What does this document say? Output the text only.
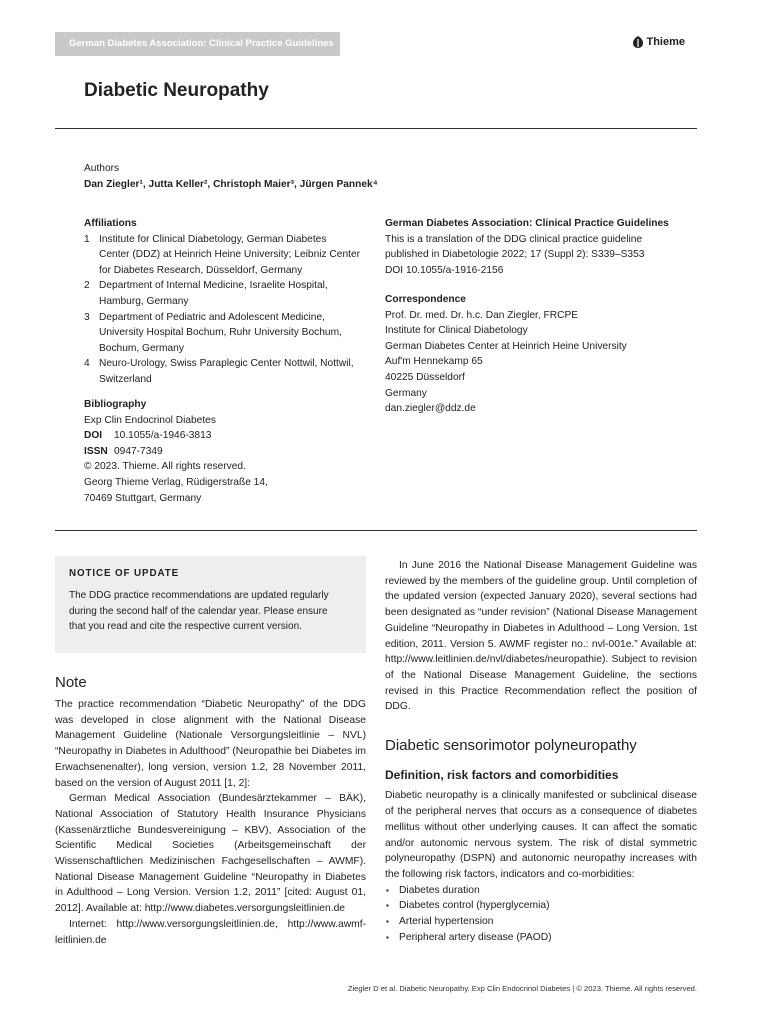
German Diabetes Association: Clinical Practice Guidelines	Thieme
Diabetic Neuropathy
Authors
Dan Ziegler¹, Jutta Keller², Christoph Maier³, Jürgen Pannek⁴
Affiliations
1 Institute for Clinical Diabetology, German Diabetes
Center (DDZ) at Heinrich Heine University; Leibniz Center
for Diabetes Research, Düsseldorf, Germany
2 Department of Internal Medicine, Israelite Hospital,
Hamburg, Germany
3 Department of Pediatric and Adolescent Medicine,
University Hospital Bochum, Ruhr University Bochum,
Bochum, Germany
4 Neuro-Urology, Swiss Paraplegic Center Nottwil, Nottwil,
Switzerland
Bibliography
Exp Clin Endocrinol Diabetes
DOI 10.1055/a-1946-3813
ISSN 0947-7349
© 2023. Thieme. All rights reserved.
Georg Thieme Verlag, Rüdigerstraße 14,
70469 Stuttgart, Germany
German Diabetes Association: Clinical Practice Guidelines
This is a translation of the DDG clinical practice guideline
published in Diabetologie 2022; 17 (Suppl 2): S339–S353
DOI 10.1055/a-1916-2156
Correspondence
Prof. Dr. med. Dr. h.c. Dan Ziegler, FRCPE
Institute for Clinical Diabetology
German Diabetes Center at Heinrich Heine University
Auf'm Hennekamp 65
40225 Düsseldorf
Germany
dan.ziegler@ddz.de
NOTICE OF UPDATE
The DDG practice recommendations are updated regularly
during the second half of the calendar year. Please ensure
that you read and cite the respective current version.
Note

The practice recommendation “Diabetic Neuropathy” of the DDG was developed in close alignment with the National Disease Management Guideline (Nationale Versorgungsleitlinie – NVL) “Neuropathy in Diabetes in Adulthood” (Neuropathie bei Diabetes im Erwachsenenalter), long version, version 1.2, 28 November 2011, based on the version of August 2011 [1, 2]:

German Medical Association (Bundesärztekammer – BÄK), National Association of Statutory Health Insurance Physicians (Kassenärztliche Bundesvereinigung – KBV), Association of the Scientific Medical Societies (Arbeitsgemeinschaft der Wissenschaftlichen Medizinischen Fachgesellschaften – AWMF). National Disease Management Guideline “Neuropathy in Diabetes in Adulthood – Long Version. Version 1.2, 2011” [cited: August 01, 2012]. Available at: http://www.diabetes.versorgungsleitlinien.de

Internet: http://www.versorgungsleitlinien.de, http://www.awmf-leitlinien.de

In June 2016 the National Disease Management Guideline was reviewed by the members of the guideline group. Until completion of the updated version (expected January 2020), several sections had been designated as “under revision” (National Disease Management Guideline “Neuropathy in Diabetes in Adulthood – Long Version. 1st edition, 2011. Version 5. AWMF register no.: nvl-001e.” Available at: http://www.leitlinien.de/nvl/diabetes/neuropathie). Subject to revision of the National Disease Management Guideline, the sections revised in this Practice Recommendation reflect the position of DDG.

Diabetic sensorimotor polyneuropathy
Definition, risk factors and comorbidities

Diabetic neuropathy is a clinically manifested or subclinical disease of the peripheral nerves that occurs as a consequence of diabetes mellitus without other underlying causes. It can affect the somatic and/or autonomic nervous system. The risk of distal symmetric polyneuropathy (DSPN) and autonomic neuropathy increases with the following risk factors, indicators and co-morbidities:

▪ Diabetes duration
▪ Diabetes control (hyperglycemia)
▪ Arterial hypertension
▪ Peripheral artery disease (PAOD)
Ziegler D et al. Diabetic Neuropathy. Exp Clin Endocrinol Diabetes | © 2023. Thieme. All rights reserved.
